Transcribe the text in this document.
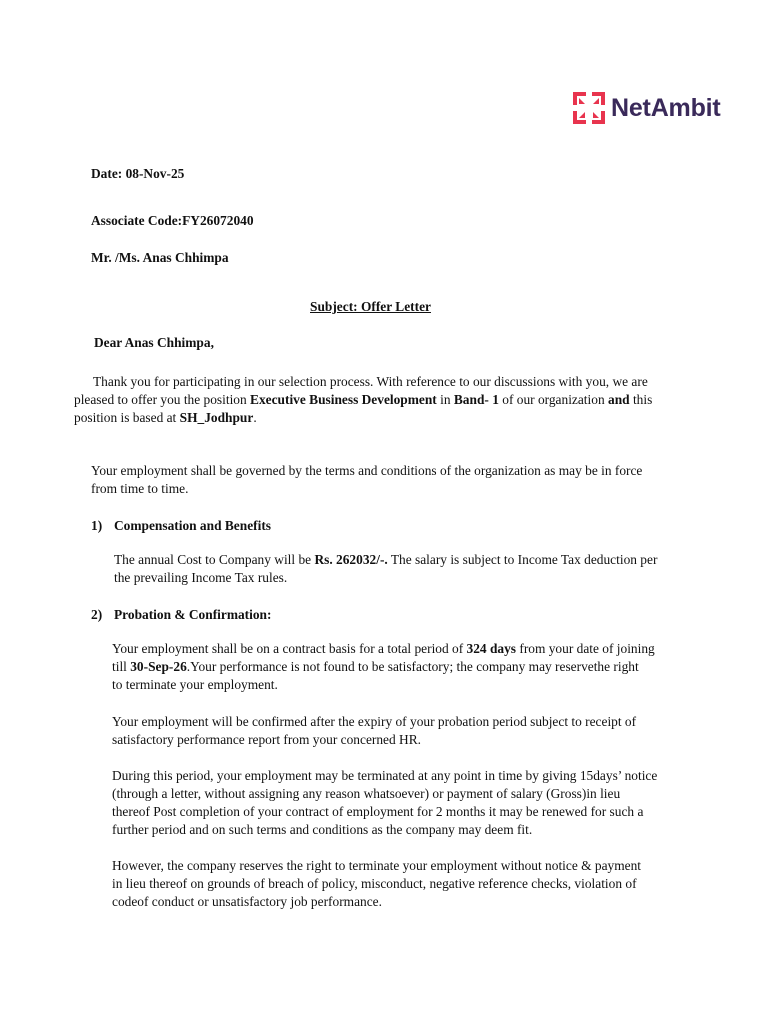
NetAmbit
Date: 08-Nov-25
Associate Code:FY26072040
Mr. /Ms. Anas Chhimpa
Subject: Offer Letter
Dear Anas Chhimpa,
Thank you for participating in our selection process. With reference to our discussions with you, we are
pleased to offer you the position Executive Business Development in Band- 1 of our organization and this
position is based at SH_Jodhpur.
Your employment shall be governed by the terms and conditions of the organization as may be in force
from time to time.
1) Compensation and Benefits
The annual Cost to Company will be Rs. 262032/-. The salary is subject to Income Tax deduction per
the prevailing Income Tax rules.
2) Probation & Confirmation:
Your employment shall be on a contract basis for a total period of 324 days from your date of joining
till 30-Sep-26.Your performance is not found to be satisfactory; the company may reservethe right
to terminate your employment.
Your employment will be confirmed after the expiry of your probation period subject to receipt of
satisfactory performance report from your concerned HR.
During this period, your employment may be terminated at any point in time by giving 15days’ notice
(through a letter, without assigning any reason whatsoever) or payment of salary (Gross)in lieu
thereof Post completion of your contract of employment for 2 months it may be renewed for such a
further period and on such terms and conditions as the company may deem fit.
However, the company reserves the right to terminate your employment without notice & payment
in lieu thereof on grounds of breach of policy, misconduct, negative reference checks, violation of
codeof conduct or unsatisfactory job performance.
